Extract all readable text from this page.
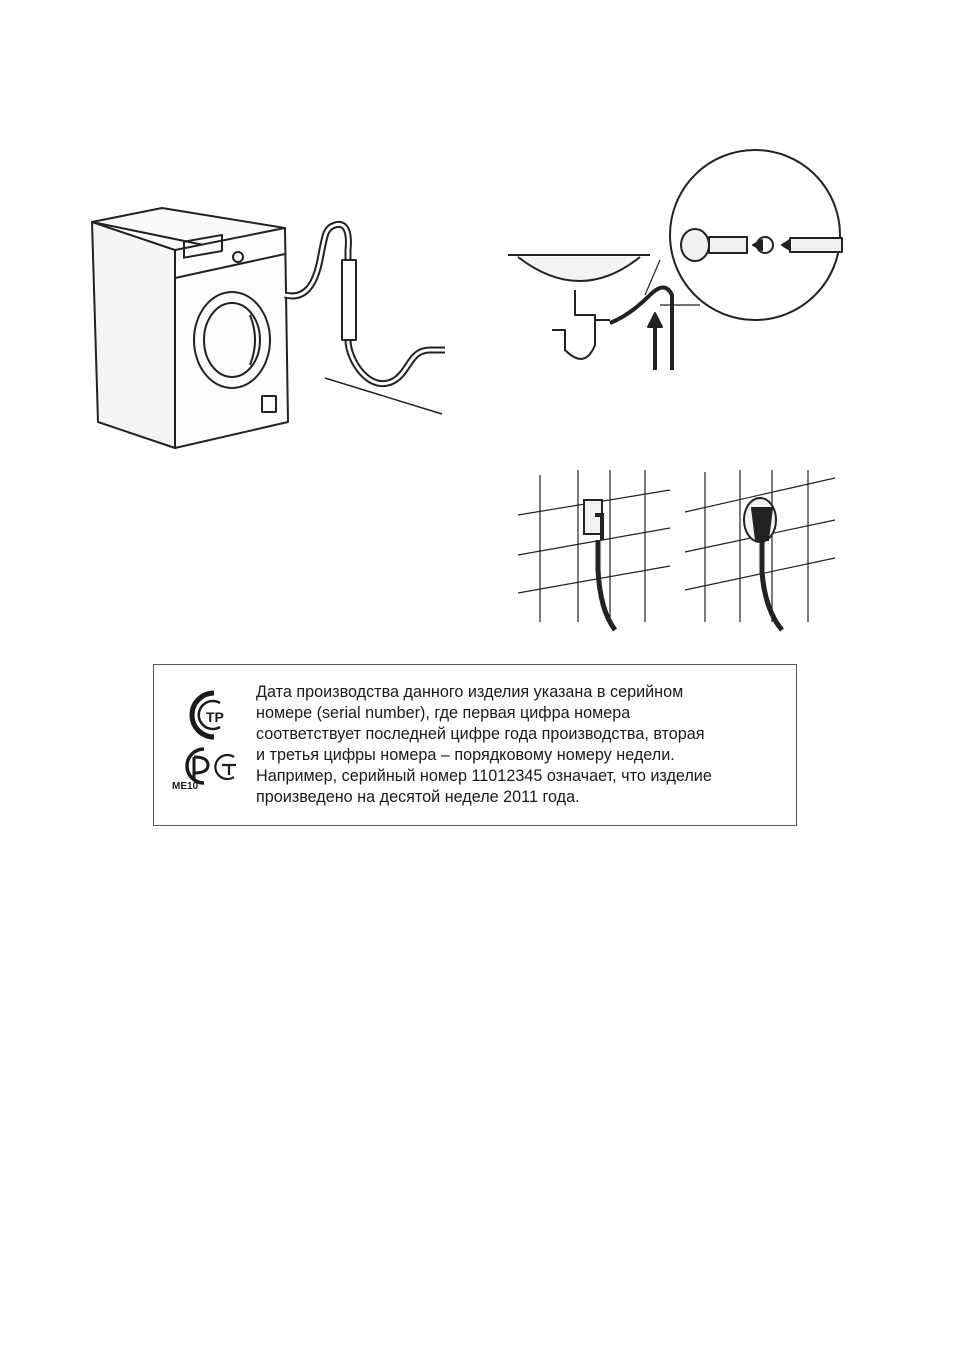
ТР
МЕ10
Дата производства данного изделия указана в серийном
номере (serial number), где первая цифра номера
соответствует последней цифре года производства, вторая
и третья цифры номера – порядковому номеру недели.
Например, серийный номер 11012345 означает, что изделие
произведено на десятой неделе 2011 года.
